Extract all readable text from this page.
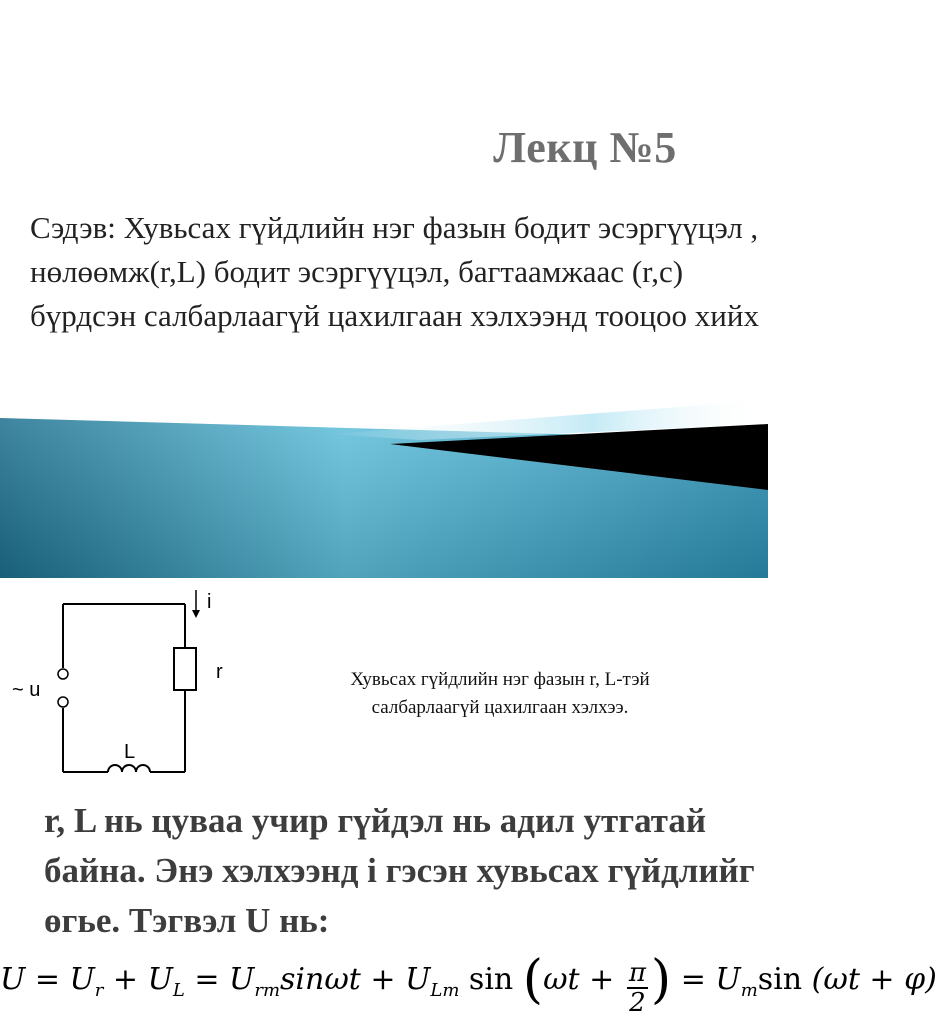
Лекц №5
Сэдэв: Хувьсах гүйдлийн нэг фазын бодит эсэргүүцэл , нөлөөмж(r,L) бодит эсэргүүцэл, багтаамжаас (r,c) бүрдсэн салбарлаагүй цахилгаан хэлхээнд тооцоо хийх
i
r
~ u
L
Хувьсах гүйдлийн нэг фазын r, L-тэй салбарлаагүй цахилгаан хэлхээ.
r, L нь цуваа учир гүйдэл нь адил утгатай байна. Энэ хэлхээнд і гэсэн хувьсах гүйдлийг өгье. Тэгвэл U нь:
$U = U_r + U_L = U_{rm}\sin\omega t + U_{Lm}$ $\sin (\omega t + \frac{\pi}{2}$ ) = $U_m\sin$ (ωt + φ)
